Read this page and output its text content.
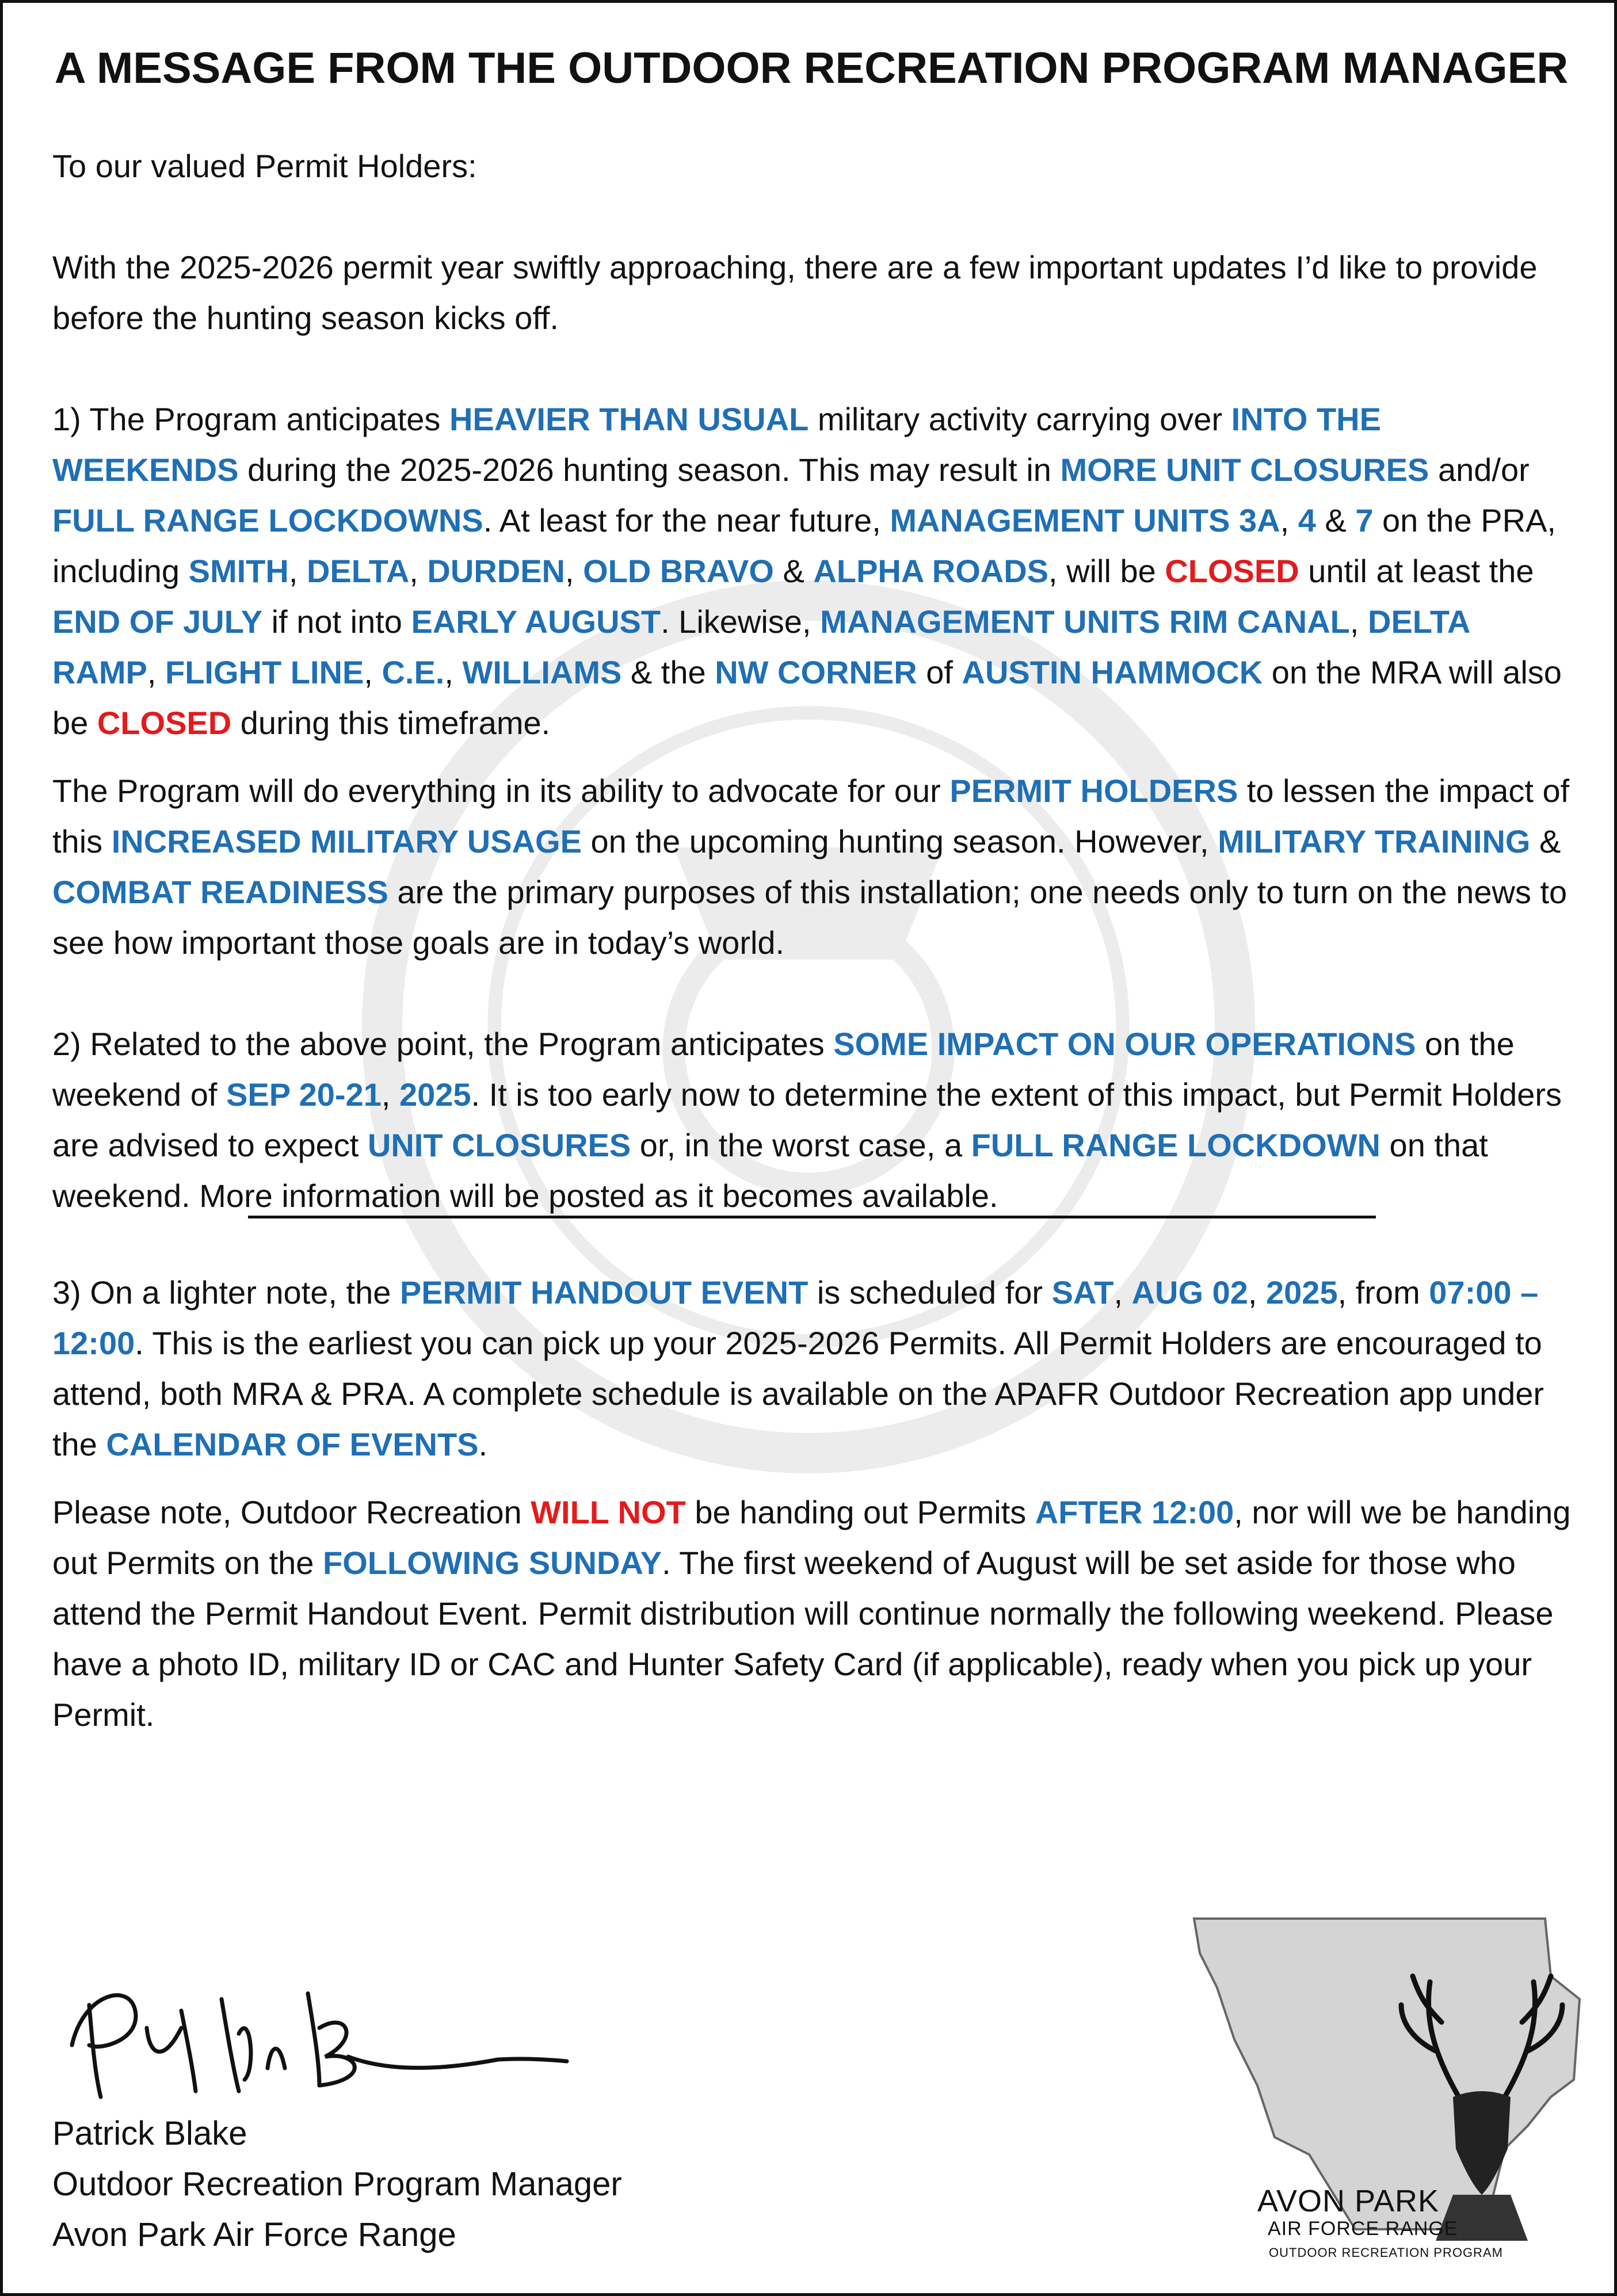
A MESSAGE FROM THE OUTDOOR RECREATION PROGRAM MANAGER

To our valued Permit Holders:

With the 2025-2026 permit year swiftly approaching, there are a few important updates I’d like to provide before the hunting season kicks off.

1) The Program anticipates HEAVIER THAN USUAL military activity carrying over INTO THE WEEKENDS during the 2025-2026 hunting season. This may result in MORE UNIT CLOSURES and/or FULL RANGE LOCKDOWNS. At least for the near future, MANAGEMENT UNITS 3A, 4 & 7 on the PRA, including SMITH, DELTA, DURDEN, OLD BRAVO & ALPHA ROADS, will be CLOSED until at least the END OF JULY if not into EARLY AUGUST. Likewise, MANAGEMENT UNITS RIM CANAL, DELTA RAMP, FLIGHT LINE, C.E., WILLIAMS & the NW CORNER of AUSTIN HAMMOCK on the MRA will also be CLOSED during this timeframe.

The Program will do everything in its ability to advocate for our PERMIT HOLDERS to lessen the impact of this INCREASED MILITARY USAGE on the upcoming hunting season. However, MILITARY TRAINING & COMBAT READINESS are the primary purposes of this installation; one needs only to turn on the news to see how important those goals are in today’s world.

2) Related to the above point, the Program anticipates SOME IMPACT ON OUR OPERATIONS on the weekend of SEP 20-21, 2025. It is too early now to determine the extent of this impact, but Permit Holders are advised to expect UNIT CLOSURES or, in the worst case, a FULL RANGE LOCKDOWN on that weekend. More information will be posted as it becomes available.

3) On a lighter note, the PERMIT HANDOUT EVENT is scheduled for SAT, AUG 02, 2025, from 07:00 – 12:00. This is the earliest you can pick up your 2025-2026 Permits. All Permit Holders are encouraged to attend, both MRA & PRA. A complete schedule is available on the APAFR Outdoor Recreation app under the CALENDAR OF EVENTS.

Please note, Outdoor Recreation WILL NOT be handing out Permits AFTER 12:00, nor will we be handing out Permits on the FOLLOWING SUNDAY. The first weekend of August will be set aside for those who attend the Permit Handout Event. Permit distribution will continue normally the following weekend. Please have a photo ID, military ID or CAC and Hunter Safety Card (if applicable), ready when you pick up your Permit.

Patrick Blake
Outdoor Recreation Program Manager
Avon Park Air Force Range
AVON PARK
AIR FORCE RANGE
OUTDOOR RECREATION PROGRAM
